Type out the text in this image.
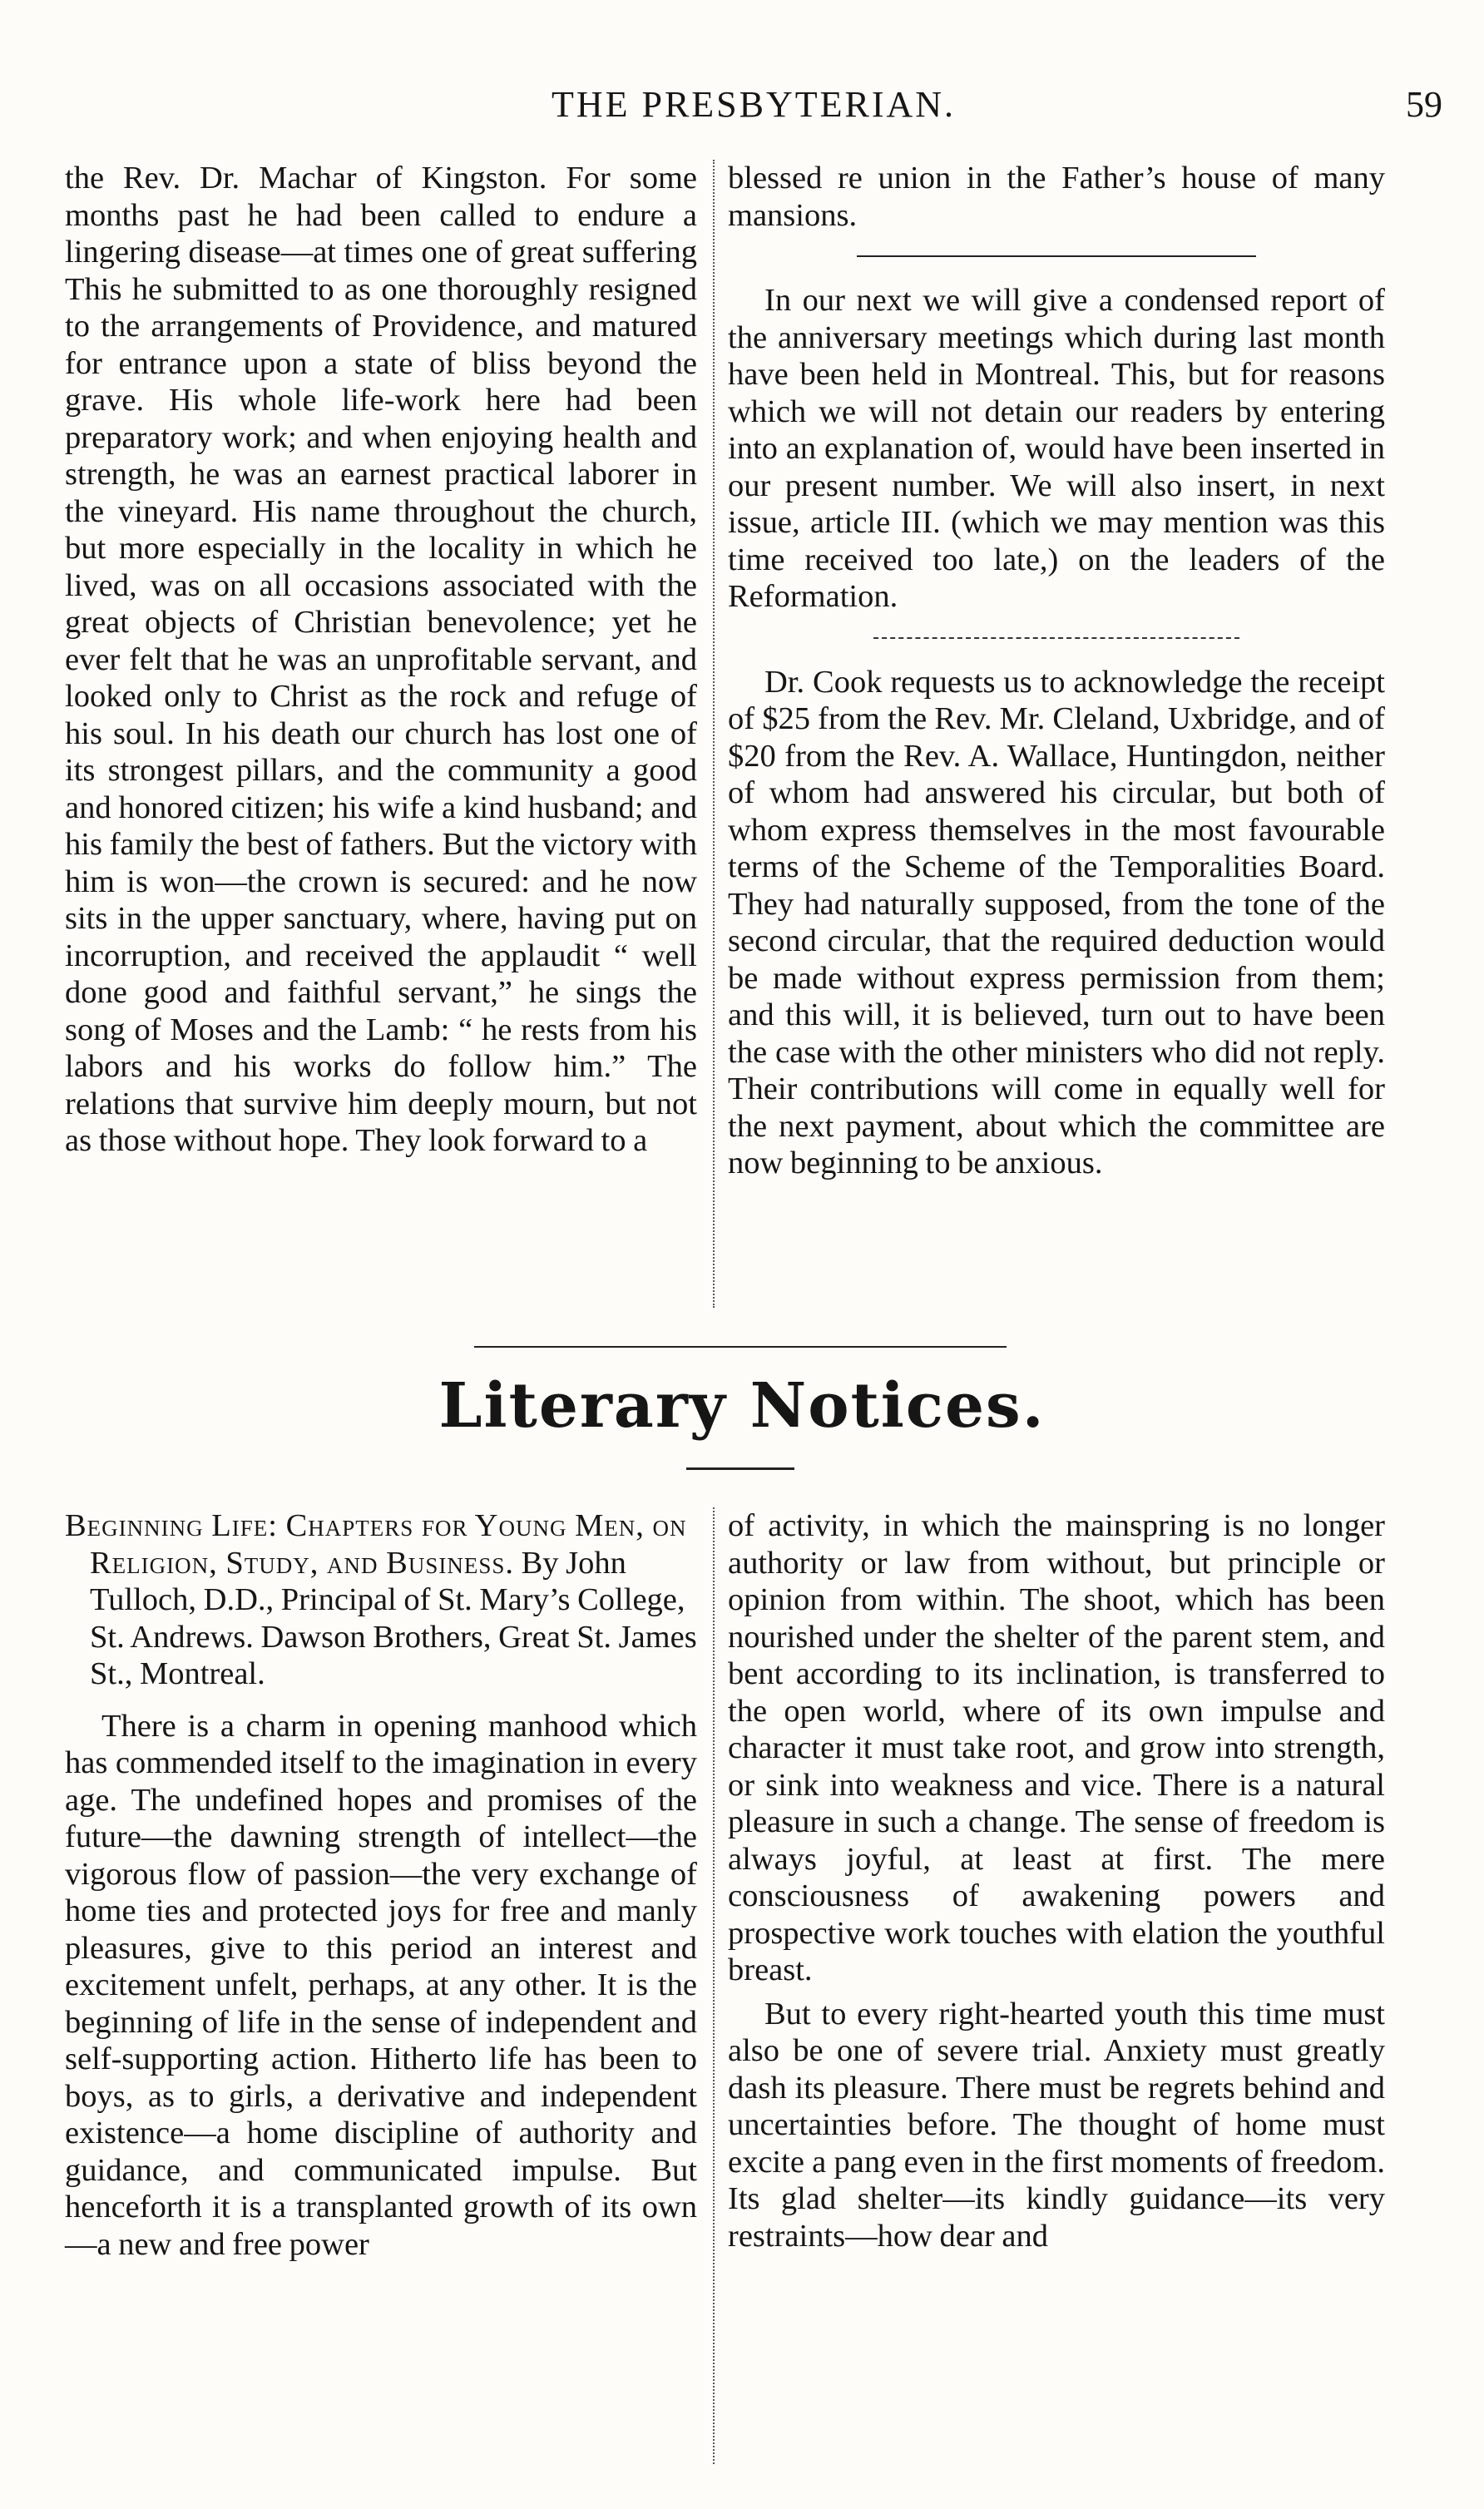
THE PRESBYTERIAN.	59

the Rev. Dr. Machar of Kingston. For some months past he had been called to endure a lingering disease—at times one of great suffering This he submitted to as one thoroughly resigned to the arrangements of Providence, and matured for entrance upon a state of bliss beyond the grave. His whole life-work here had been preparatory work; and when enjoying health and strength, he was an earnest practical laborer in the vineyard. His name throughout the church, but more especially in the locality in which he lived, was on all occasions associated with the great objects of Christian benevolence; yet he ever felt that he was an unprofitable servant, and looked only to Christ as the rock and refuge of his soul. In his death our church has lost one of its strongest pillars, and the community a good and honored citizen; his wife a kind husband; and his family the best of fathers. But the victory with him is won—the crown is secured: and he now sits in the upper sanctuary, where, having put on incorruption, and received the applaudit “ well done good and faithful servant,” he sings the song of Moses and the Lamb: “ he rests from his labors and his works do follow him.” The relations that survive him deeply mourn, but not as those without hope. They look forward to a

blessed re union in the Father’s house of many mansions.

In our next we will give a condensed report of the anniversary meetings which during last month have been held in Montreal. This, but for reasons which we will not detain our readers by entering into an explanation of, would have been inserted in our present number. We will also insert, in next issue, article III. (which we may mention was this time received too late,) on the leaders of the Reformation.

Dr. Cook requests us to acknowledge the receipt of $25 from the Rev. Mr. Cleland, Uxbridge, and of $20 from the Rev. A. Wallace, Huntingdon, neither of whom had answered his circular, but both of whom express themselves in the most favourable terms of the Scheme of the Temporalities Board. They had naturally supposed, from the tone of the second circular, that the required deduction would be made without express permission from them; and this will, it is believed, turn out to have been the case with the other ministers who did not reply. Their contributions will come in equally well for the next payment, about which the committee are now beginning to be anxious.

Literary Notices.

Beginning Life: Chapters for Young Men, on Religion, Study, and Business. By John Tulloch, D.D., Principal of St. Mary’s College, St. Andrews. Dawson Brothers, Great St. James St., Montreal.

There is a charm in opening manhood which has commended itself to the imagination in every age. The undefined hopes and promises of the future—the dawning strength of intellect—the vigorous flow of passion—the very exchange of home ties and protected joys for free and manly pleasures, give to this period an interest and excitement unfelt, perhaps, at any other. It is the beginning of life in the sense of independent and self-supporting action. Hitherto life has been to boys, as to girls, a derivative and independent existence—a home discipline of authority and guidance, and communicated impulse. But henceforth it is a transplanted growth of its own—a new and free power

of activity, in which the mainspring is no longer authority or law from without, but principle or opinion from within. The shoot, which has been nourished under the shelter of the parent stem, and bent according to its inclination, is transferred to the open world, where of its own impulse and character it must take root, and grow into strength, or sink into weakness and vice. There is a natural pleasure in such a change. The sense of freedom is always joyful, at least at first. The mere consciousness of awakening powers and prospective work touches with elation the youthful breast.

But to every right-hearted youth this time must also be one of severe trial. Anxiety must greatly dash its pleasure. There must be regrets behind and uncertainties before. The thought of home must excite a pang even in the first moments of freedom. Its glad shelter—its kindly guidance—its very restraints—how dear and
